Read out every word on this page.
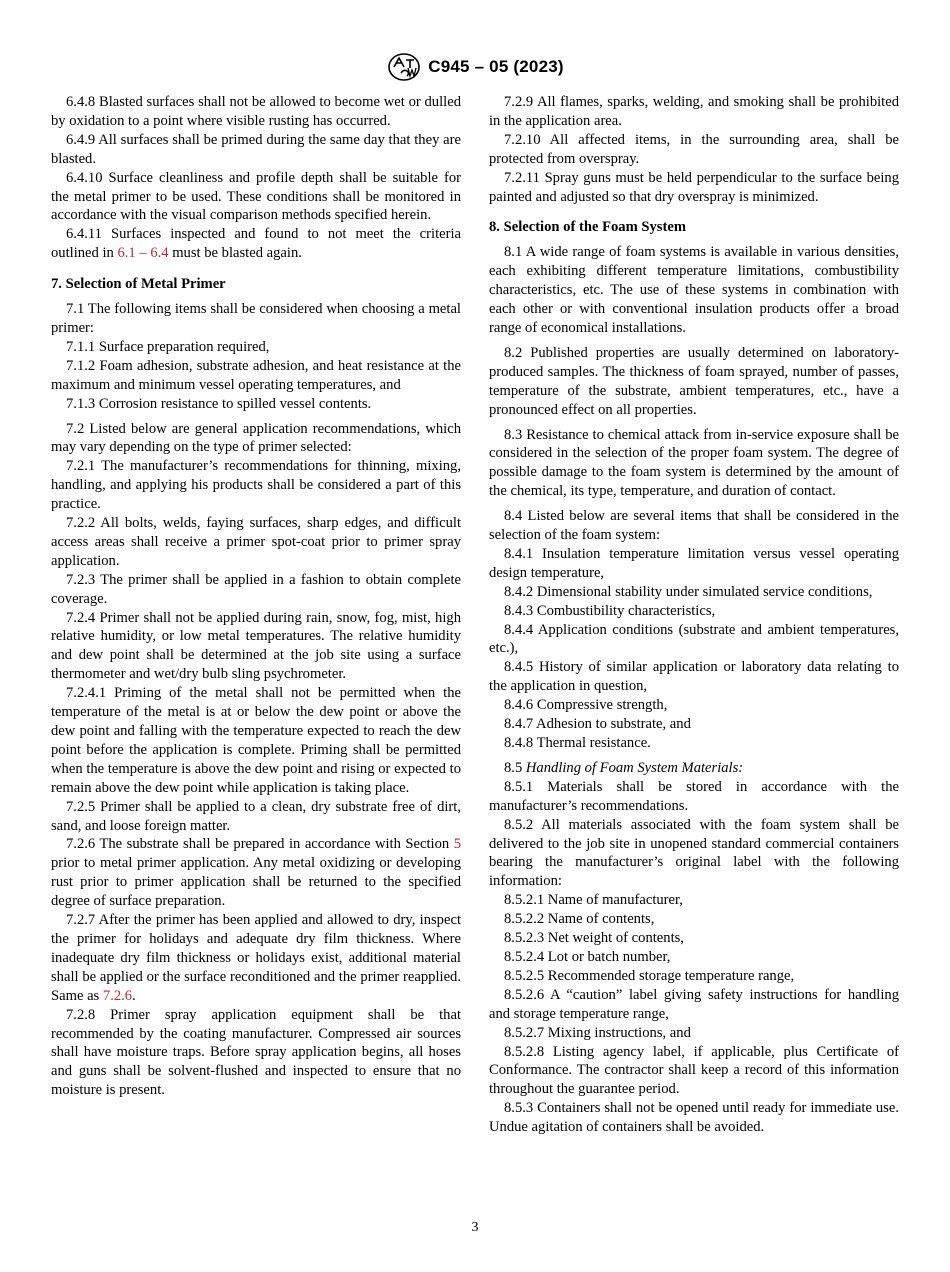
C945 – 05 (2023)

6.4.8 Blasted surfaces shall not be allowed to become wet or dulled by oxidation to a point where visible rusting has occurred.

6.4.9 All surfaces shall be primed during the same day that they are blasted.

6.4.10 Surface cleanliness and profile depth shall be suitable for the metal primer to be used. These conditions shall be monitored in accordance with the visual comparison methods specified herein.

6.4.11 Surfaces inspected and found to not meet the criteria outlined in 6.1 – 6.4 must be blasted again.

7. Selection of Metal Primer

7.1 The following items shall be considered when choosing a metal primer:

7.1.1 Surface preparation required,

7.1.2 Foam adhesion, substrate adhesion, and heat resistance at the maximum and minimum vessel operating temperatures, and

7.1.3 Corrosion resistance to spilled vessel contents.

7.2 Listed below are general application recommendations, which may vary depending on the type of primer selected:

7.2.1 The manufacturer’s recommendations for thinning, mixing, handling, and applying his products shall be considered a part of this practice.

7.2.2 All bolts, welds, faying surfaces, sharp edges, and difficult access areas shall receive a primer spot-coat prior to primer spray application.

7.2.3 The primer shall be applied in a fashion to obtain complete coverage.

7.2.4 Primer shall not be applied during rain, snow, fog, mist, high relative humidity, or low metal temperatures. The relative humidity and dew point shall be determined at the job site using a surface thermometer and wet/dry bulb sling psychrometer.

7.2.4.1 Priming of the metal shall not be permitted when the temperature of the metal is at or below the dew point or above the dew point and falling with the temperature expected to reach the dew point before the application is complete. Priming shall be permitted when the temperature is above the dew point and rising or expected to remain above the dew point while application is taking place.

7.2.5 Primer shall be applied to a clean, dry substrate free of dirt, sand, and loose foreign matter.

7.2.6 The substrate shall be prepared in accordance with Section 5 prior to metal primer application. Any metal oxidizing or developing rust prior to primer application shall be returned to the specified degree of surface preparation.

7.2.7 After the primer has been applied and allowed to dry, inspect the primer for holidays and adequate dry film thickness. Where inadequate dry film thickness or holidays exist, additional material shall be applied or the surface reconditioned and the primer reapplied. Same as 7.2.6.

7.2.8 Primer spray application equipment shall be that recommended by the coating manufacturer. Compressed air sources shall have moisture traps. Before spray application begins, all hoses and guns shall be solvent-flushed and inspected to ensure that no moisture is present.

7.2.9 All flames, sparks, welding, and smoking shall be prohibited in the application area.

7.2.10 All affected items, in the surrounding area, shall be protected from overspray.

7.2.11 Spray guns must be held perpendicular to the surface being painted and adjusted so that dry overspray is minimized.

8. Selection of the Foam System

8.1 A wide range of foam systems is available in various densities, each exhibiting different temperature limitations, combustibility characteristics, etc. The use of these systems in combination with each other or with conventional insulation products offer a broad range of economical installations.

8.2 Published properties are usually determined on laboratory-produced samples. The thickness of foam sprayed, number of passes, temperature of the substrate, ambient temperatures, etc., have a pronounced effect on all properties.

8.3 Resistance to chemical attack from in-service exposure shall be considered in the selection of the proper foam system. The degree of possible damage to the foam system is determined by the amount of the chemical, its type, temperature, and duration of contact.

8.4 Listed below are several items that shall be considered in the selection of the foam system:

8.4.1 Insulation temperature limitation versus vessel operating design temperature,

8.4.2 Dimensional stability under simulated service conditions,

8.4.3 Combustibility characteristics,

8.4.4 Application conditions (substrate and ambient temperatures, etc.),

8.4.5 History of similar application or laboratory data relating to the application in question,

8.4.6 Compressive strength,

8.4.7 Adhesion to substrate, and

8.4.8 Thermal resistance.

8.5 Handling of Foam System Materials:

8.5.1 Materials shall be stored in accordance with the manufacturer’s recommendations.

8.5.2 All materials associated with the foam system shall be delivered to the job site in unopened standard commercial containers bearing the manufacturer’s original label with the following information:

8.5.2.1 Name of manufacturer,

8.5.2.2 Name of contents,

8.5.2.3 Net weight of contents,

8.5.2.4 Lot or batch number,

8.5.2.5 Recommended storage temperature range,

8.5.2.6 A “caution” label giving safety instructions for handling and storage temperature range,

8.5.2.7 Mixing instructions, and

8.5.2.8 Listing agency label, if applicable, plus Certificate of Conformance. The contractor shall keep a record of this information throughout the guarantee period.

8.5.3 Containers shall not be opened until ready for immediate use. Undue agitation of containers shall be avoided.

3
